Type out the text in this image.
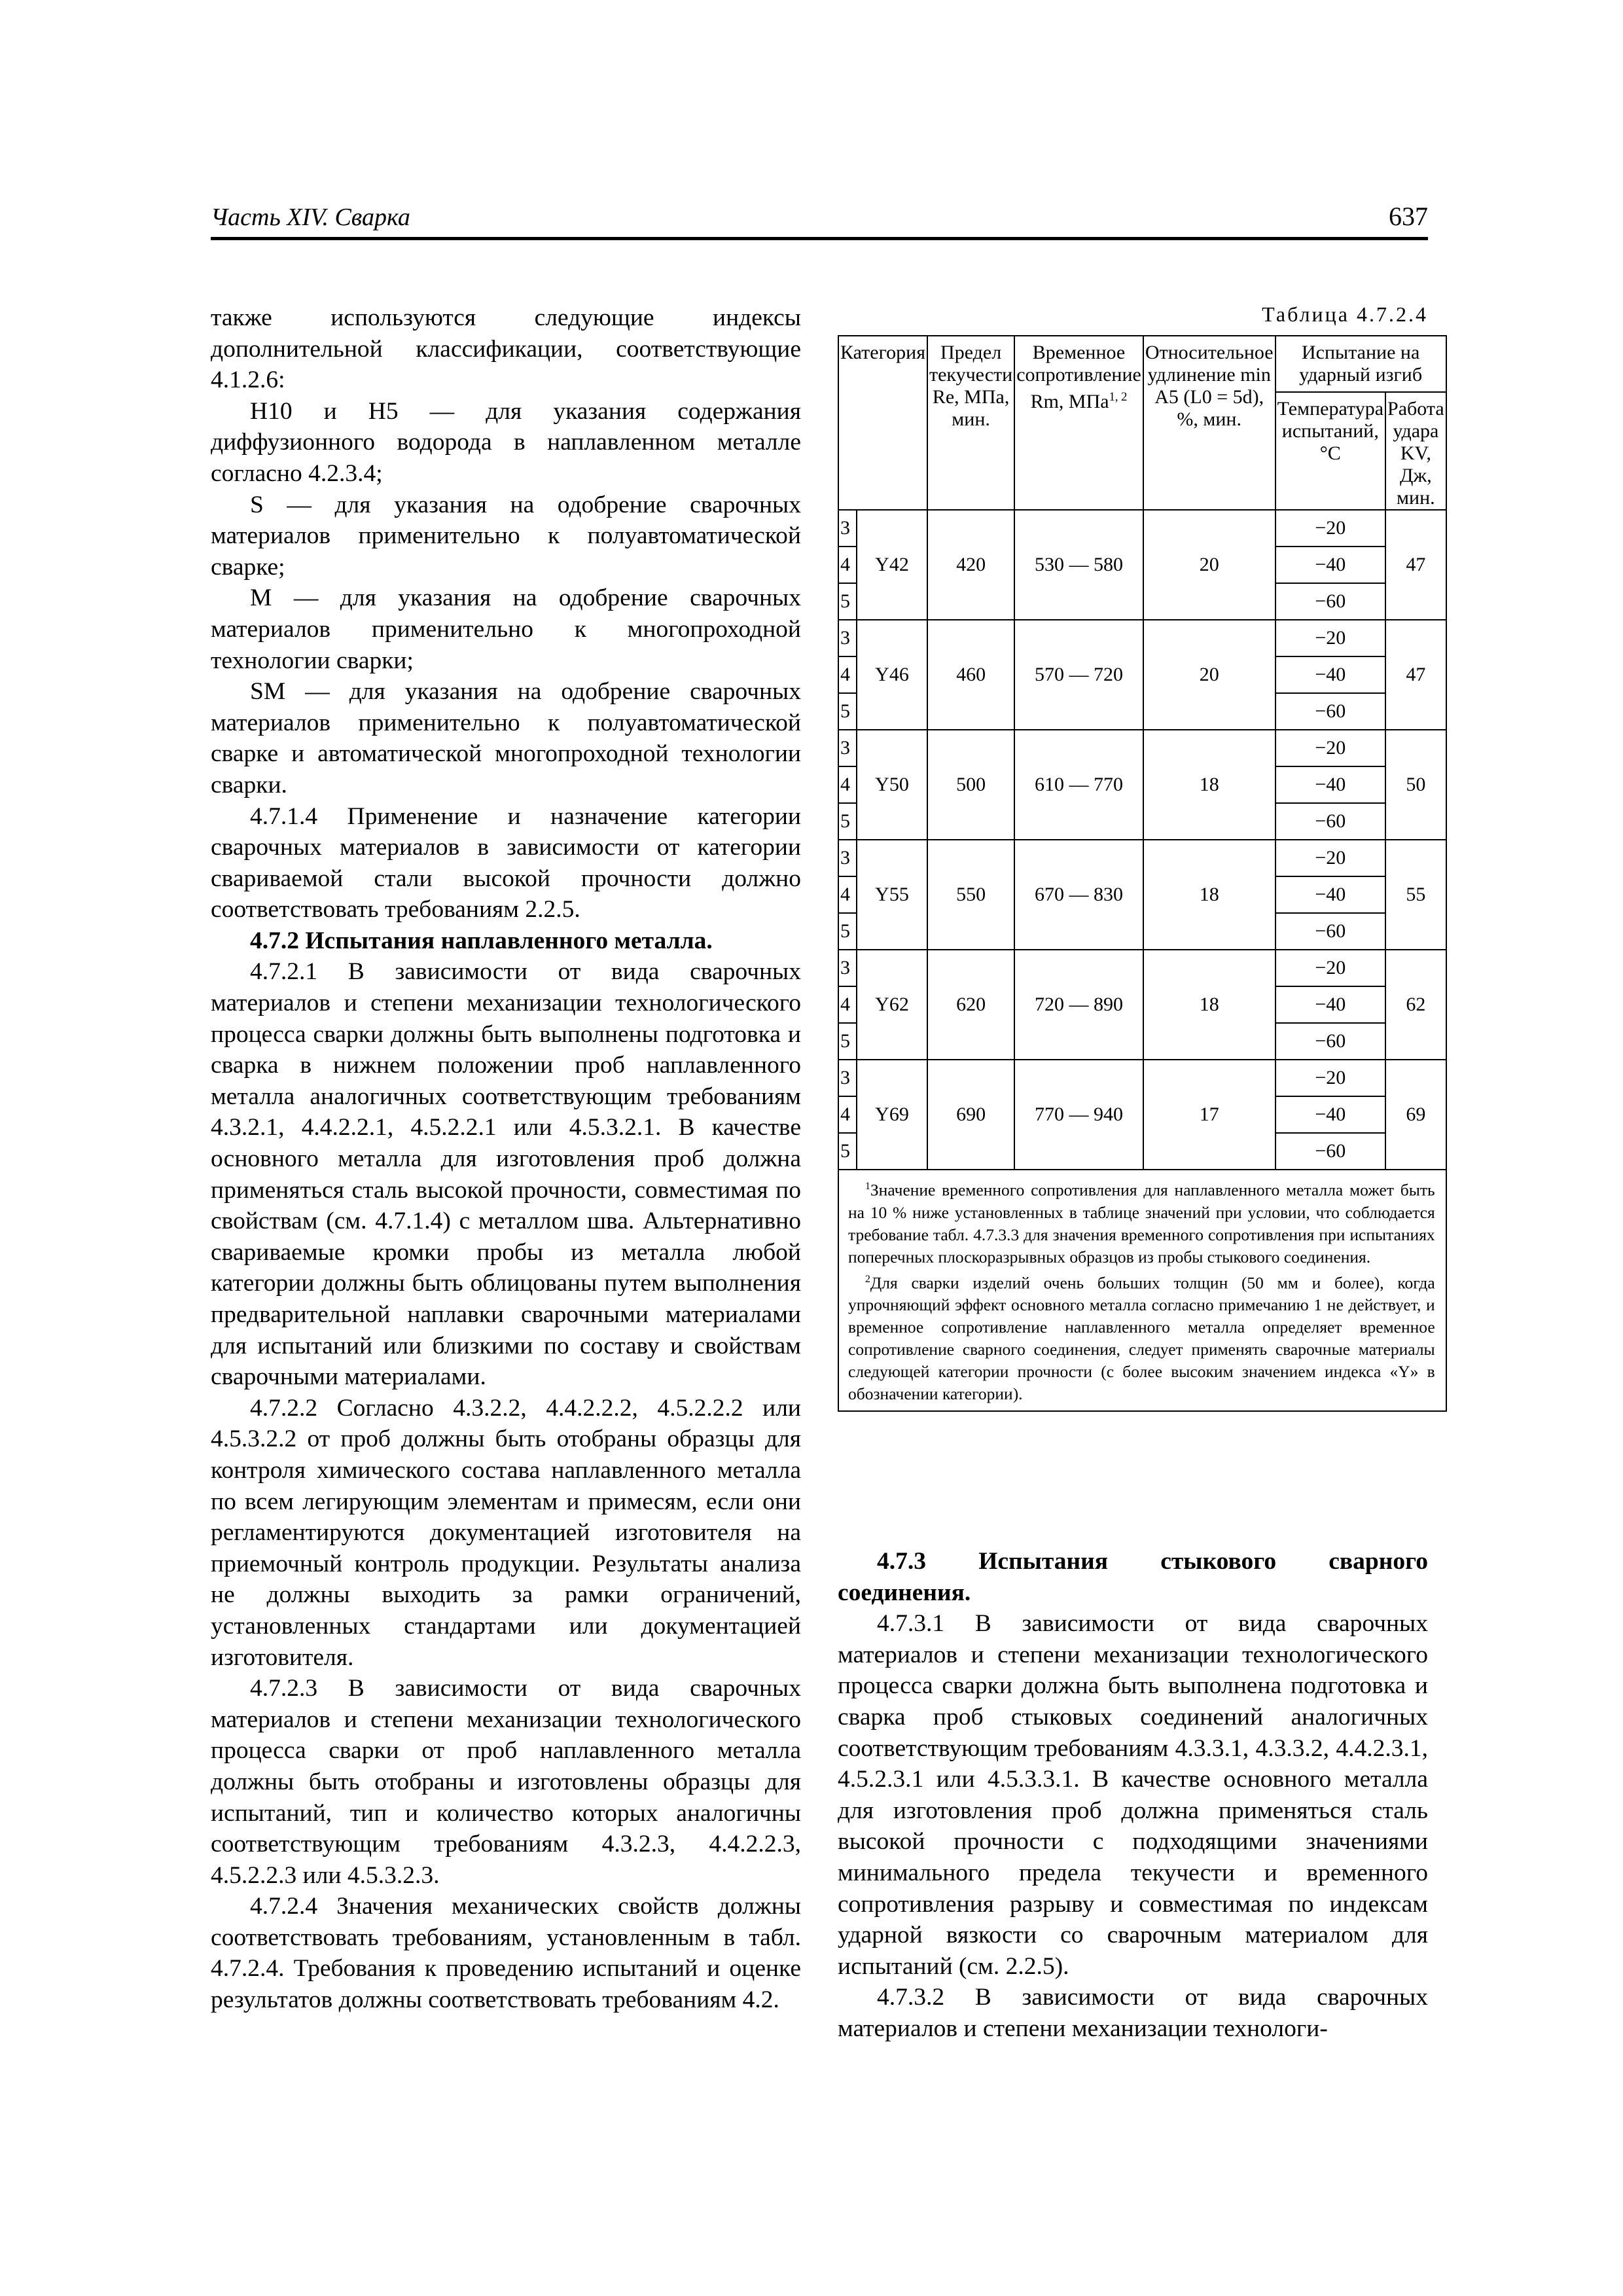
Часть XIV. Сварка	637

также используются следующие индексы дополнительной классификации, соответствующие 4.1.2.6:

Н10 и Н5 — для указания содержания диффузионного водорода в наплавленном металле согласно 4.2.3.4;

S — для указания на одобрение сварочных материалов применительно к полуавтоматической сварке;

M — для указания на одобрение сварочных материалов применительно к многопроходной технологии сварки;

SM — для указания на одобрение сварочных материалов применительно к полуавтоматической сварке и автоматической многопроходной технологии сварки.

4.7.1.4 Применение и назначение категории сварочных материалов в зависимости от категории свариваемой стали высокой прочности должно соответствовать требованиям 2.2.5.

4.7.2 Испытания наплавленного металла.

4.7.2.1 В зависимости от вида сварочных материалов и степени механизации технологического процесса сварки должны быть выполнены подготовка и сварка в нижнем положении проб наплавленного металла аналогичных соответствующим требованиям 4.3.2.1, 4.4.2.2.1, 4.5.2.2.1 или 4.5.3.2.1. В качестве основного металла для изготовления проб должна применяться сталь высокой прочности, совместимая по свойствам (см. 4.7.1.4) с металлом шва. Альтернативно свариваемые кромки пробы из металла любой категории должны быть облицованы путем выполнения предварительной наплавки сварочными материалами для испытаний или близкими по составу и свойствам сварочными материалами.

4.7.2.2 Согласно 4.3.2.2, 4.4.2.2.2, 4.5.2.2.2 или 4.5.3.2.2 от проб должны быть отобраны образцы для контроля химического состава наплавленного металла по всем легирующим элементам и примесям, если они регламентируются документацией изготовителя на приемочный контроль продукции. Результаты анализа не должны выходить за рамки ограничений, установленных стандартами или документацией изготовителя.

4.7.2.3 В зависимости от вида сварочных материалов и степени механизации технологического процесса сварки от проб наплавленного металла должны быть отобраны и изготовлены образцы для испытаний, тип и количество которых аналогичны соответствующим требованиям 4.3.2.3, 4.4.2.2.3, 4.5.2.2.3 или 4.5.3.2.3.

4.7.2.4 Значения механических свойств должны соответствовать требованиям, установленным в табл. 4.7.2.4. Требования к проведению испытаний и оценке результатов должны соответствовать требованиям 4.2.

Таблица 4.7.2.4
Категория		Предел текучести Re, МПа, мин.	Временное сопротивление Rm, МПа$^{1, 2}$	Относительное удлинение min A5 (L0 = 5d), %, мин.	Испытание на ударный изгиб	
					Температура испытаний, °С	Работа удара KV, Дж, мин.
3	Y42	420	530 — 580	20	−20	47
4					−40	
5					−60	
3	Y46	460	570 — 720	20	−20	47
4					−40	
5					−60	
3	Y50	500	610 — 770	18	−20	50
4					−40	
5					−60	
3	Y55	550	670 — 830	18	−20	55
4					−40	
5					−60	
3	Y62	620	720 — 890	18	−20	62
4					−40	
5					−60	
3	Y69	690	770 — 940	17	−20	69
4					−40	
5					−60	

$^1$Значение временного сопротивления для наплавленного металла может быть на 10 % ниже установленных в таблице значений при условии, что соблюдается требование табл. 4.7.3.3 для значения временного сопротивления при испытаниях поперечных плоскоразрывных образцов из пробы стыкового соединения.

$^2$Для сварки изделий очень больших толщин (50 мм и более), когда упрочняющий эффект основного металла согласно примечанию 1 не действует, и временное сопротивление наплавленного металла определяет временное сопротивление сварного соединения, следует применять сварочные материалы следующей категории прочности (с более высоким значением индекса «Y» в обозначении категории).						

4.7.3 Испытания стыкового сварного соединения.

4.7.3.1 В зависимости от вида сварочных материалов и степени механизации технологического процесса сварки должна быть выполнена подготовка и сварка проб стыковых соединений аналогичных соответствующим требованиям 4.3.3.1, 4.3.3.2, 4.4.2.3.1, 4.5.2.3.1 или 4.5.3.3.1. В качестве основного металла для изготовления проб должна применяться сталь высокой прочности с подходящими значениями минимального предела текучести и временного сопротивления разрыву и совместимая по индексам ударной вязкости со сварочным материалом для испытаний (см. 2.2.5).

4.7.3.2 В зависимости от вида сварочных материалов и степени механизации технологи-
